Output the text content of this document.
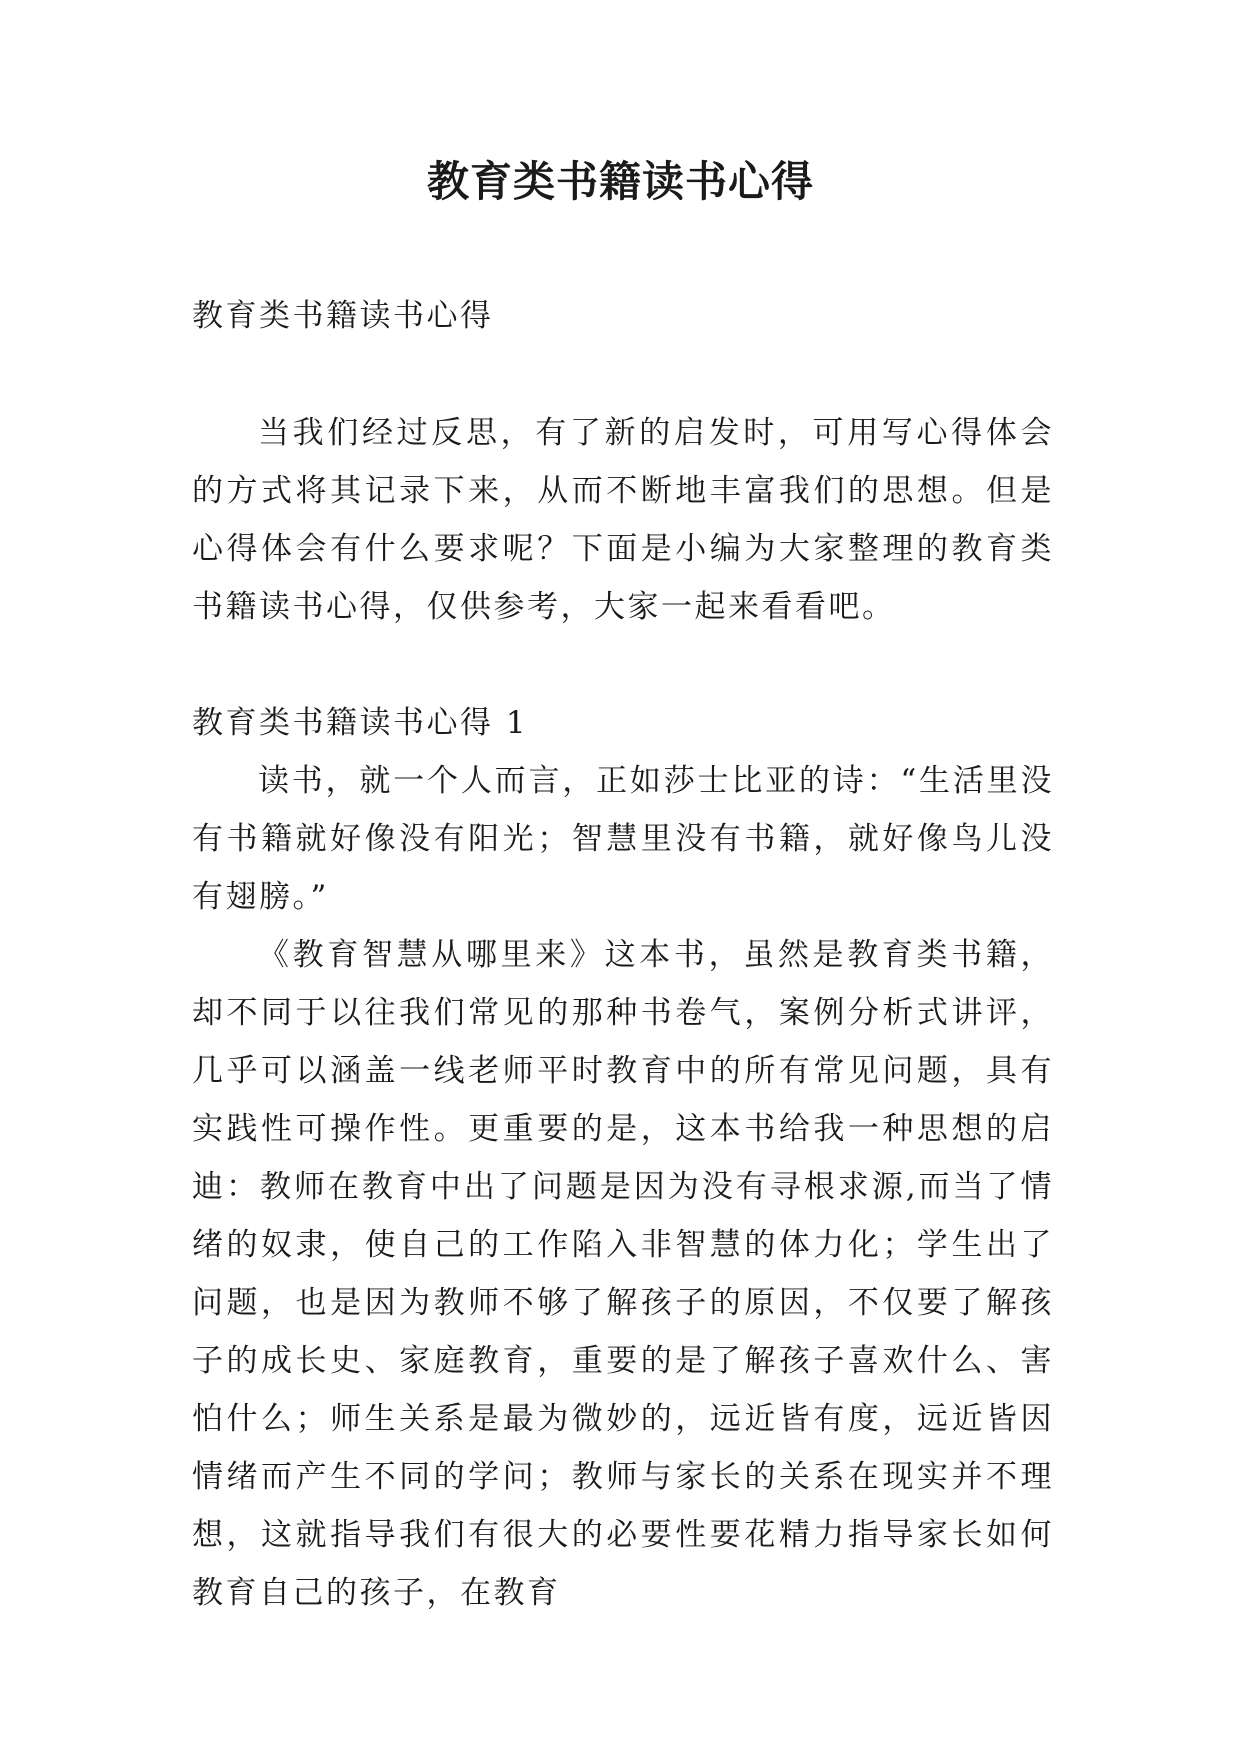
教育类书籍读书心得

教育类书籍读书心得

当我们经过反思，有了新的启发时，可用写心得体会的方式将其记录下来，从而不断地丰富我们的思想。但是心得体会有什么要求呢？下面是小编为大家整理的教育类书籍读书心得，仅供参考，大家一起来看看吧。

教育类书籍读书心得 1

读书，就一个人而言，正如莎士比亚的诗：“生活里没有书籍就好像没有阳光；智慧里没有书籍，就好像鸟儿没有翅膀。”

《教育智慧从哪里来》这本书，虽然是教育类书籍，却不同于以往我们常见的那种书卷气，案例分析式讲评，几乎可以涵盖一线老师平时教育中的所有常见问题，具有实践性可操作性。更重要的是，这本书给我一种思想的启迪：教师在教育中出了问题是因为没有寻根求源,而当了情绪的奴隶，使自己的工作陷入非智慧的体力化；学生出了问题，也是因为教师不够了解孩子的原因，不仅要了解孩子的成长史、家庭教育，重要的是了解孩子喜欢什么、害怕什么；师生关系是最为微妙的，远近皆有度，远近皆因情绪而产生不同的学问；教师与家长的关系在现实并不理想，这就指导我们有很大的必要性要花精力指导家长如何教育自己的孩子，在教育
